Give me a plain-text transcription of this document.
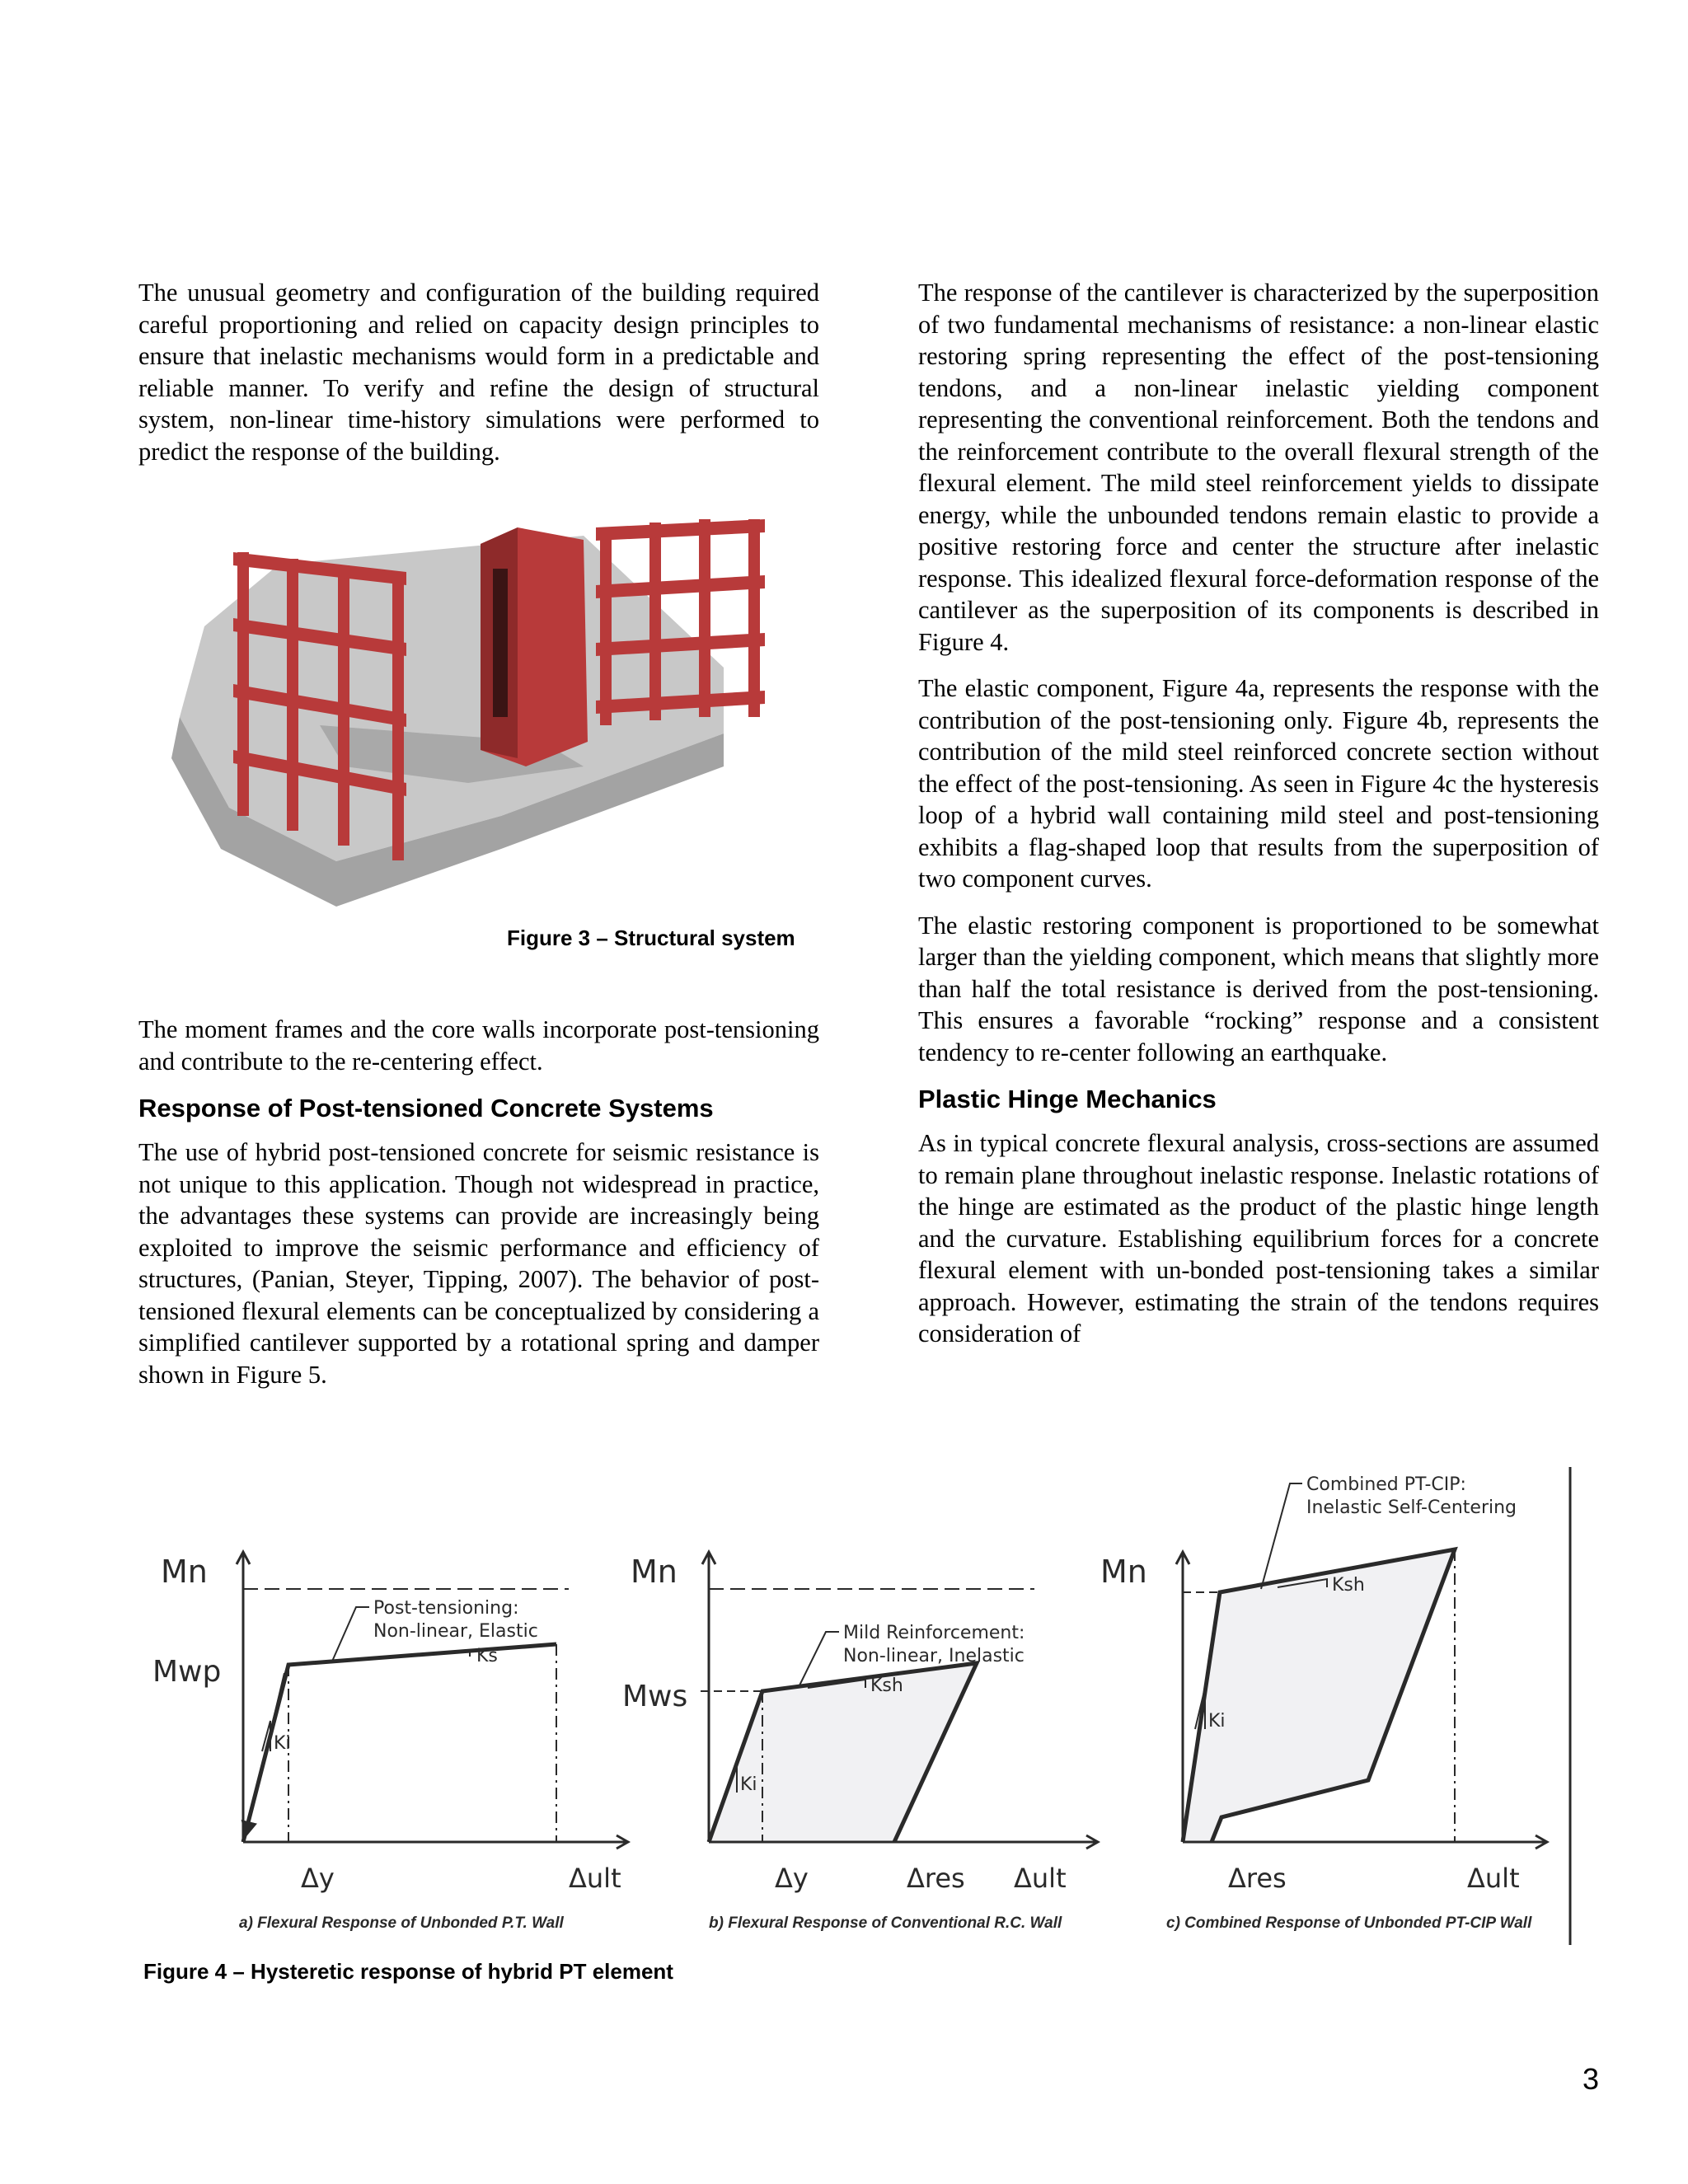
The unusual geometry and configuration of the building required careful proportioning and relied on capacity design principles to ensure that inelastic mechanisms would form in a predictable and reliable manner. To verify and refine the design of structural system, non-linear time-history simulations were performed to predict the response of the building.

Figure 3 – Structural system

The moment frames and the core walls incorporate post-tensioning and contribute to the re-centering effect.

Response of Post-tensioned Concrete Systems

The use of hybrid post-tensioned concrete for seismic resistance is not unique to this application. Though not widespread in practice, the advantages these systems can provide are increasingly being exploited to improve the seismic performance and efficiency of structures, (Panian, Steyer, Tipping, 2007). The behavior of post-tensioned flexural elements can be conceptualized by considering a simplified cantilever supported by a rotational spring and damper shown in Figure 5.

The response of the cantilever is characterized by the superposition of two fundamental mechanisms of resistance: a non-linear elastic restoring spring representing the effect of the post-tensioning tendons, and a non-linear inelastic yielding component representing the conventional reinforcement. Both the tendons and the reinforcement contribute to the overall flexural strength of the flexural element. The mild steel reinforcement yields to dissipate energy, while the unbounded tendons remain elastic to provide a positive restoring force and center the structure after inelastic response. This idealized flexural force-deformation response of the cantilever as the superposition of its components is described in Figure 4.

The elastic component, Figure 4a, represents the response with the contribution of the post-tensioning only. Figure 4b, represents the contribution of the mild steel reinforced concrete section without the effect of the post-tensioning. As seen in Figure 4c the hysteresis loop of a hybrid wall containing mild steel and post-tensioning exhibits a flag-shaped loop that results from the superposition of two component curves.

The elastic restoring component is proportioned to be somewhat larger than the yielding component, which means that slightly more than half the total resistance is derived from the post-tensioning. This ensures a favorable “rocking” response and a consistent tendency to re-center following an earthquake.

Plastic Hinge Mechanics

As in typical concrete flexural analysis, cross-sections are assumed to remain plane throughout inelastic response. Inelastic rotations of the hinge are estimated as the product of the plastic hinge length and the curvature. Establishing equilibrium forces for a concrete flexural element with un-bonded post-tensioning takes a similar approach. However, estimating the strain of the tendons requires consideration of

Mn
Mwp
Post-tensioning:
Non-linear, Elastic
Ks
Ki
Δy	Δult
a) Flexural Response of Unbonded P.T. Wall
Mn
Mws
Mild Reinforcement:
Non-linear, Inelastic
Ksh
Ki
Δy	Δres Δult
b) Flexural Response of Conventional R.C. Wall
Mn
Combined PT-CIP:
Inelastic Self-Centering
Ksh
Ki
Δres	Δult
c) Combined Response of Unbonded PT-CIP Wall
Figure 4 – Hysteretic response of hybrid PT element
3
